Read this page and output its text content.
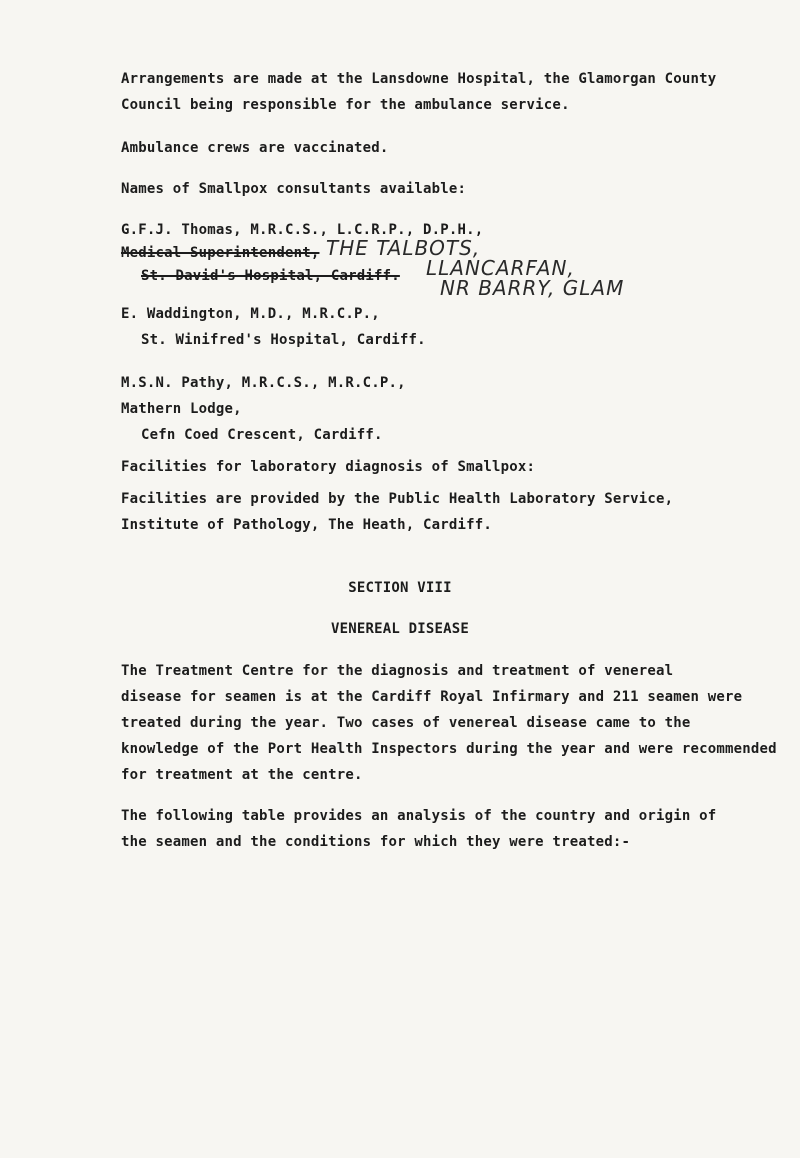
Arrangements are made at the Lansdowne Hospital, the Glamorgan County

Council being responsible for the ambulance service.

Ambulance crews are vaccinated.

Names of Smallpox consultants available:

G.F.J. Thomas, M.R.C.S., L.C.R.P., D.P.H.,

Medical Superintendent,

St. David's Hospital, Cardiff.

THE TALBOTS,

LLANCARFAN,

NR BARRY, GLAM

E. Waddington, M.D., M.R.C.P.,

St. Winifred's Hospital, Cardiff.

M.S.N. Pathy, M.R.C.S., M.R.C.P.,

Mathern Lodge,

Cefn Coed Crescent, Cardiff.

Facilities for laboratory diagnosis of Smallpox:

Facilities are provided by the Public Health Laboratory Service,

Institute of Pathology, The Heath, Cardiff.

SECTION VIII

VENEREAL DISEASE

The Treatment Centre for the diagnosis and treatment of venereal

disease for seamen is at the Cardiff Royal Infirmary and 211 seamen were

treated during the year. Two cases of venereal disease came to the

knowledge of the Port Health Inspectors during the year and were recommended

for treatment at the centre.

The following table provides an analysis of the country and origin of

the seamen and the conditions for which they were treated:-
